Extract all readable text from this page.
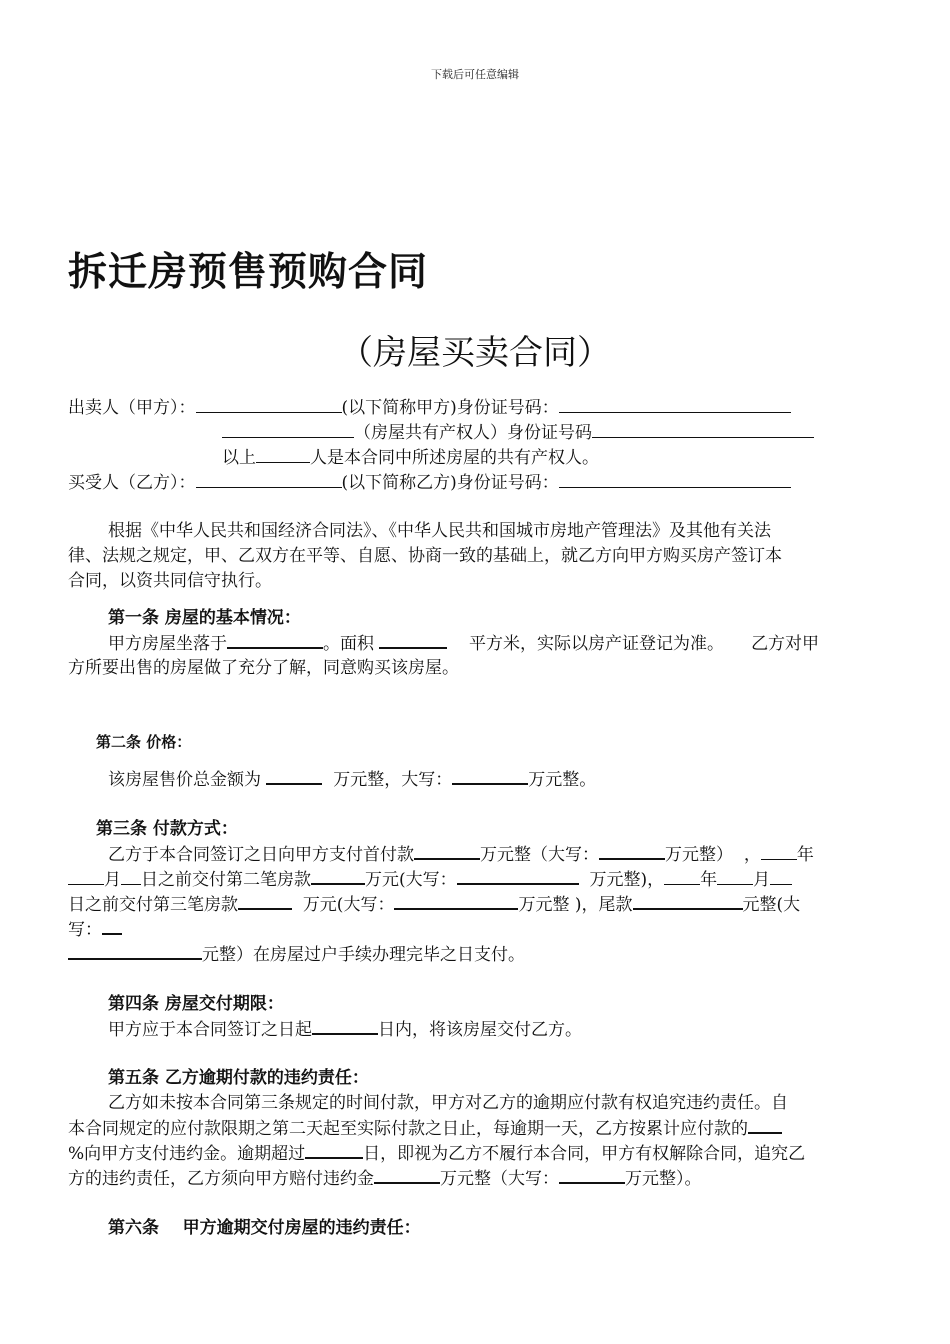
下载后可任意编辑
拆迁房预售预购合同
（房屋买卖合同）
出卖人（甲方）：	(以下简称甲方)身份证号码：
（房屋共有产权人）身份证号码
以上	人是本合同中所述房屋的共有产权人。
买受人（乙方）：	(以下简称乙方)身份证号码：
根据《中华人民共和国经济合同法》、《中华人民共和国城市房地产管理法》及其他有关法
律、法规之规定，甲、乙双方在平等、自愿、协商一致的基础上，就乙方向甲方购买房产签订本
合同，以资共同信守执行。
第一条 房屋的基本情况：
甲方房屋坐落于	。面积	平方米，实际以房产证登记为准。 乙方对甲
方所要出售的房屋做了充分了解，同意购买该房屋。
第二条 价格：
该房屋售价总金额为	万元整，大写：	万元整。
第三条 付款方式：
乙方于本合同签订之日向甲方支付首付款	万元整（大写：	万元整） ， 年
月 日之前交付第二笔房款	万元(大写：	万元整)， 年 月
日之前交付第三笔房款	万元(大写：	万元整 )，尾款	元整(大
写：
元整）在房屋过户手续办理完毕之日支付。
第四条 房屋交付期限：
甲方应于本合同签订之日起	日内，将该房屋交付乙方。
第五条 乙方逾期付款的违约责任：
乙方如未按本合同第三条规定的时间付款，甲方对乙方的逾期应付款有权追究违约责任。自
本合同规定的应付款限期之第二天起至实际付款之日止，每逾期一天，乙方按累计应付款的
%向甲方支付违约金。逾期超过	日，即视为乙方不履行本合同，甲方有权解除合同，追究乙
方的违约责任，乙方须向甲方赔付违约金	万元整（大写：	万元整）。
第六条    甲方逾期交付房屋的违约责任：
